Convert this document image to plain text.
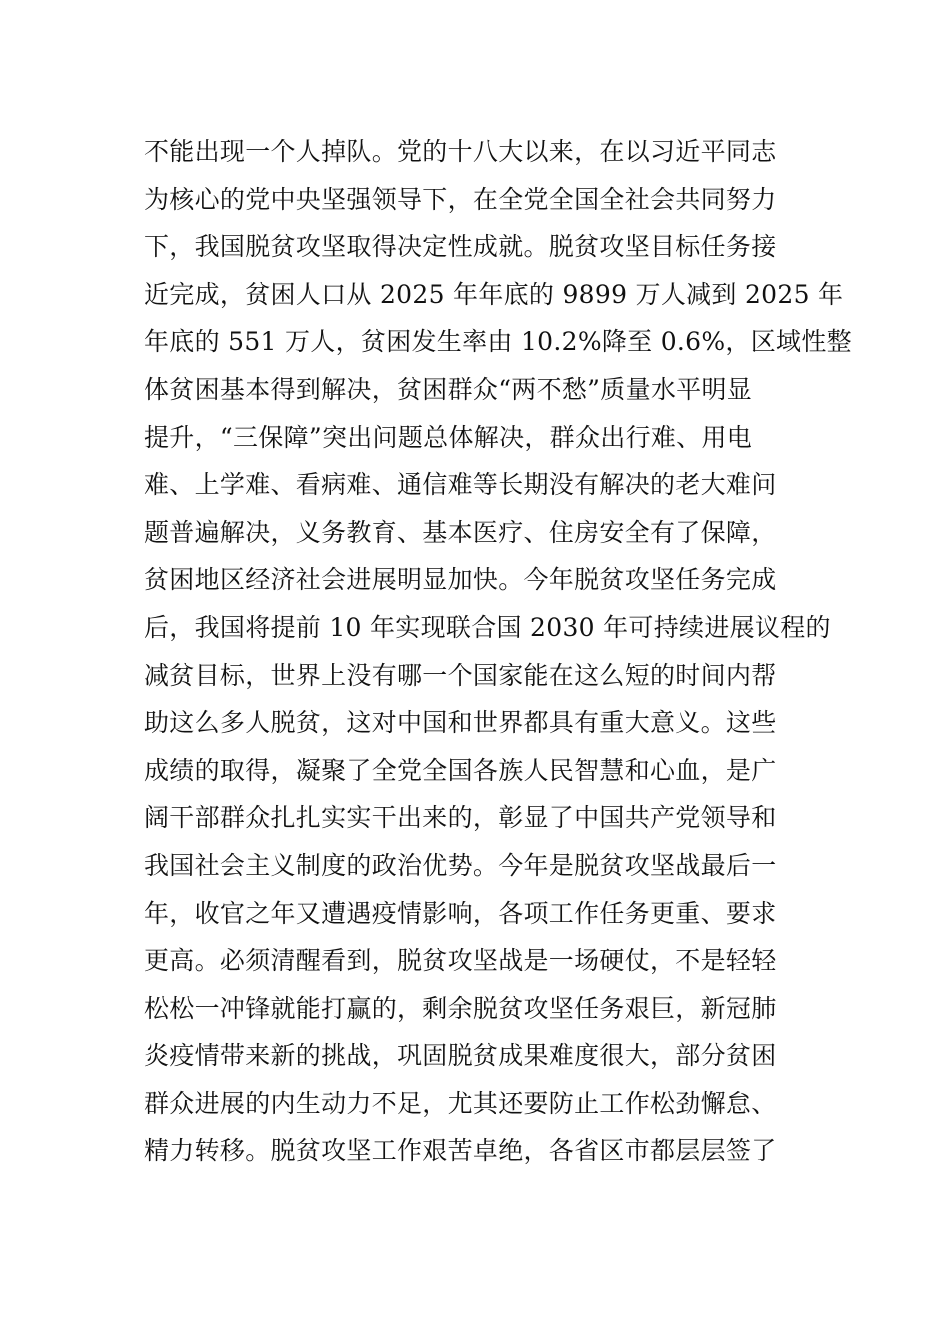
不能出现一个人掉队。党的十八大以来，在以习近平同志
为核心的党中央坚强领导下，在全党全国全社会共同努力
下，我国脱贫攻坚取得决定性成就。脱贫攻坚目标任务接
近完成，贫困人口从 2025 年年底的 9899 万人减到 2025 年
年底的 551 万人，贫困发生率由 10.2%降至 0.6%，区域性整
体贫困基本得到解决，贫困群众“两不愁”质量水平明显
提升，“三保障”突出问题总体解决，群众出行难、用电
难、上学难、看病难、通信难等长期没有解决的老大难问
题普遍解决，义务教育、基本医疗、住房安全有了保障，
贫困地区经济社会进展明显加快。今年脱贫攻坚任务完成
后，我国将提前 10 年实现联合国 2030 年可持续进展议程的
减贫目标，世界上没有哪一个国家能在这么短的时间内帮
助这么多人脱贫，这对中国和世界都具有重大意义。这些
成绩的取得，凝聚了全党全国各族人民智慧和心血，是广
阔干部群众扎扎实实干出来的，彰显了中国共产党领导和
我国社会主义制度的政治优势。今年是脱贫攻坚战最后一
年，收官之年又遭遇疫情影响，各项工作任务更重、要求
更高。必须清醒看到，脱贫攻坚战是一场硬仗，不是轻轻
松松一冲锋就能打赢的，剩余脱贫攻坚任务艰巨，新冠肺
炎疫情带来新的挑战，巩固脱贫成果难度很大，部分贫困
群众进展的内生动力不足，尤其还要防止工作松劲懈怠、
精力转移。脱贫攻坚工作艰苦卓绝，各省区市都层层签了
